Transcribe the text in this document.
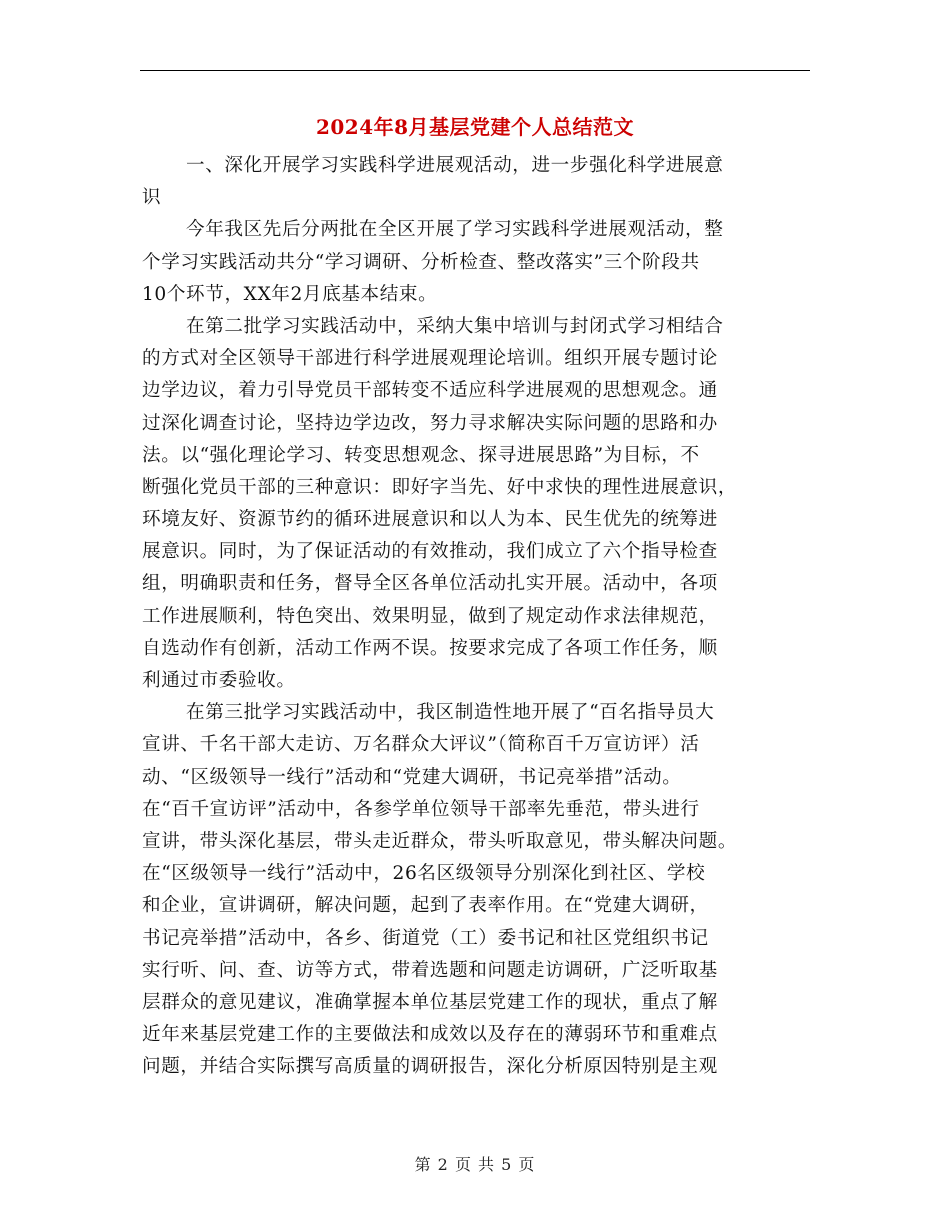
2024年8月基层党建个人总结范文
一、深化开展学习实践科学进展观活动，进一步强化科学进展意
识
今年我区先后分两批在全区开展了学习实践科学进展观活动，整
个学习实践活动共分“学习调研、分析检查、整改落实”三个阶段共
10个环节，XX年2月底基本结束。
在第二批学习实践活动中，采纳大集中培训与封闭式学习相结合
的方式对全区领导干部进行科学进展观理论培训。组织开展专题讨论
边学边议，着力引导党员干部转变不适应科学进展观的思想观念。通
过深化调查讨论，坚持边学边改，努力寻求解决实际问题的思路和办
法。以“强化理论学习、转变思想观念、探寻进展思路”为目标，不
断强化党员干部的三种意识：即好字当先、好中求快的理性进展意识，
环境友好、资源节约的循环进展意识和以人为本、民生优先的统筹进
展意识。同时，为了保证活动的有效推动，我们成立了六个指导检查
组，明确职责和任务，督导全区各单位活动扎实开展。活动中，各项
工作进展顺利，特色突出、效果明显，做到了规定动作求法律规范，
自选动作有创新，活动工作两不误。按要求完成了各项工作任务，顺
利通过市委验收。
在第三批学习实践活动中，我区制造性地开展了“百名指导员大
宣讲、千名干部大走访、万名群众大评议”（简称百千万宣访评）活
动、“区级领导一线行”活动和“党建大调研，书记亮举措”活动。
在“百千宣访评”活动中，各参学单位领导干部率先垂范，带头进行
宣讲，带头深化基层，带头走近群众，带头听取意见，带头解决问题。
在“区级领导一线行”活动中，26名区级领导分别深化到社区、学校
和企业，宣讲调研，解决问题，起到了表率作用。在“党建大调研，
书记亮举措”活动中，各乡、街道党（工）委书记和社区党组织书记
实行听、问、查、访等方式，带着选题和问题走访调研，广泛听取基
层群众的意见建议，准确掌握本单位基层党建工作的现状，重点了解
近年来基层党建工作的主要做法和成效以及存在的薄弱环节和重难点
问题，并结合实际撰写高质量的调研报告，深化分析原因特别是主观
第 2 页 共 5 页
